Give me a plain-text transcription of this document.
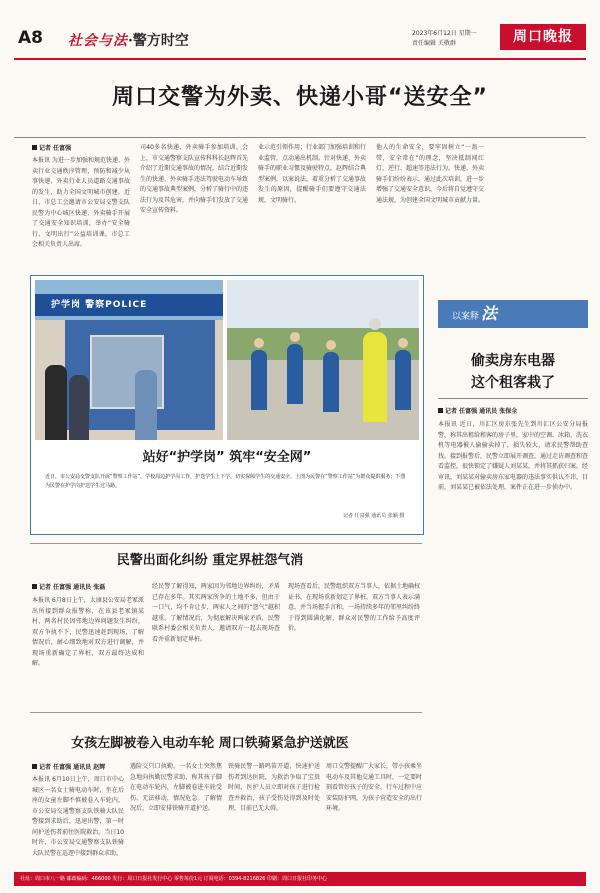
A8 社会与法·警方时空	2023年6月12日 星期一
责任编辑 关敬群	周口晚报
周口交警为外卖、快递小哥“送安全”
记者 任富强
本报讯 为进一步加强和规范快递、外卖行业交通秩序管理，预防和减少从事快递、外卖行业人员道路交通事故的发生，助力全国文明城市创建，近日，市总工会邀请市公安局交警支队民警为中心城区快递、外卖骑手开展了交通安全知识培训，举办“安全骑行、文明出行”公益培训课，市总工会相关负责人出席。
司40多名快递、外卖骑手参加培训。会上，市交通警察支队宣传科科长赵辉首先介绍了近期交通事故的情况，结合近期发生的快递、外卖骑手违法驾驶电动车导致的交通事故典型案例，分析了骑行中的违法行为及其危害，并向骑手们发放了交通安全宣传资料。
业示范引领作用；行业部门加强培训和行业监管，点动通出机制。针对快递、外卖骑手的职业习惯及骑驶特点，赵辉结合典型案例，以案说法，着重分析了交通事故发生的原因，提醒骑手们要遵守交通法规，文明骑行。
他人的生命安全，要牢固树立“一盔一带，安全常在”的理念，坚决抵制闯红灯、逆行、超速等违法行为。快递、外卖骑手们纷纷表示，通过此次培训，进一步增强了交通安全意识，今后将自觉遵守交通法规，为创建全国文明城市贡献力量。
护学岗 警察POLICE
站好“护学岗” 筑牢“安全网”
近日，市公安局交警支队开展“警察工作站”、学校周边护学岗工作，护送学生上下学，切实保障学生的交通安全。上图为民警在“警察工作站”为群众提供服务；下图为民警在护学岗护送学生过马路。
记者 任富强 通讯员 张颖 摄
民警出面化纠纷 重定界桩怨气消
记者 任富强 通讯员 张磊
本报讯 6月8日上午，太康县公安局老冢派出所接到群众报警称，在该县老冢镇某村，两名村民因邻地边界问题发生纠纷，双方争执不下，民警迅速赶到现场，了解情况后，耐心细致地对双方进行调解，并现场重新确定了界桩，双方最终达成和解。
经民警了解得知，两家因为邻地边界纠纷，矛盾已存在多年。其实两家所争的土地不多，但由于一口气，均不肯让步，两家人之间的“怨气”越积越重。了解情况后，为彻底解决两家矛盾，民警联系村委会相关负责人，邀请双方一起去现场查看并重新划定界桩。
现场查看后，民警组织双方当事人，依据土地确权证书，在现场重新划定了界桩，双方当事人表示满意，并当场握手言和，一场持续多年的邻里纠纷终于得到圆满化解，群众对民警的工作给予高度评价。
女孩左脚被卷入电动车轮 周口铁骑紧急护送就医
记者 任富强 通讯员 赵辉
本报讯 6月10日上午，周口市中心城区一名女士骑电动车时，坐在后座的女童左脚不慎被卷入车轮内，市公安局交通警察支队铁骑大队民警接到求助后，迅速出警，第一时间护送伤者前往医院救治。当日10时许，市公安局交通警察支队铁骑大队民警在巡逻中接到群众求助。
遇险交只口执勤，一名女士突然焦急地向执勤民警求助，称其孩子脚在电动车轮内，左脚被卷进车轮受伤，无法移动，情况危急。了解情况后，立即安排铁骑开道护送。
铁骑民警一路鸣笛开道，快速护送伤者到达医院，为救治争取了宝贵时间，医护人员立即对孩子进行检查并救治，孩子受伤处得到及时处理，目前已无大碍。
周口交警提醒广大家长，带小孩乘坐电动车及其他交通工具时，一定要时刻看管好孩子的安全，行车过程中应安装防护网，为孩子营造安全的出行环境。
以案释 法
偷卖房东电器
这个租客栽了
记者 任富强 通讯员 张保全
本报讯 近日，川汇区房东张先生到川汇区公安分局报警，称其出租给租客的房子里，家中的空调、冰箱、洗衣机等电器被人偷偷卖掉了，损失较大，请求民警帮助查找。接到报警后，民警立即展开调查，通过走访调查和查看监控，很快锁定了嫌疑人刘某某，并将其抓获归案。经审讯，刘某某对偷卖房东家电器的违法事实供认不讳，目前，刘某某已被依法处理，案件正在进一步侦办中。
社址：周口市八一路 邮政编码：466000 发行：周口日报社发行中心 零售每份1元 订阅电话：0394-8216826 印刷：周口日报社印务中心
